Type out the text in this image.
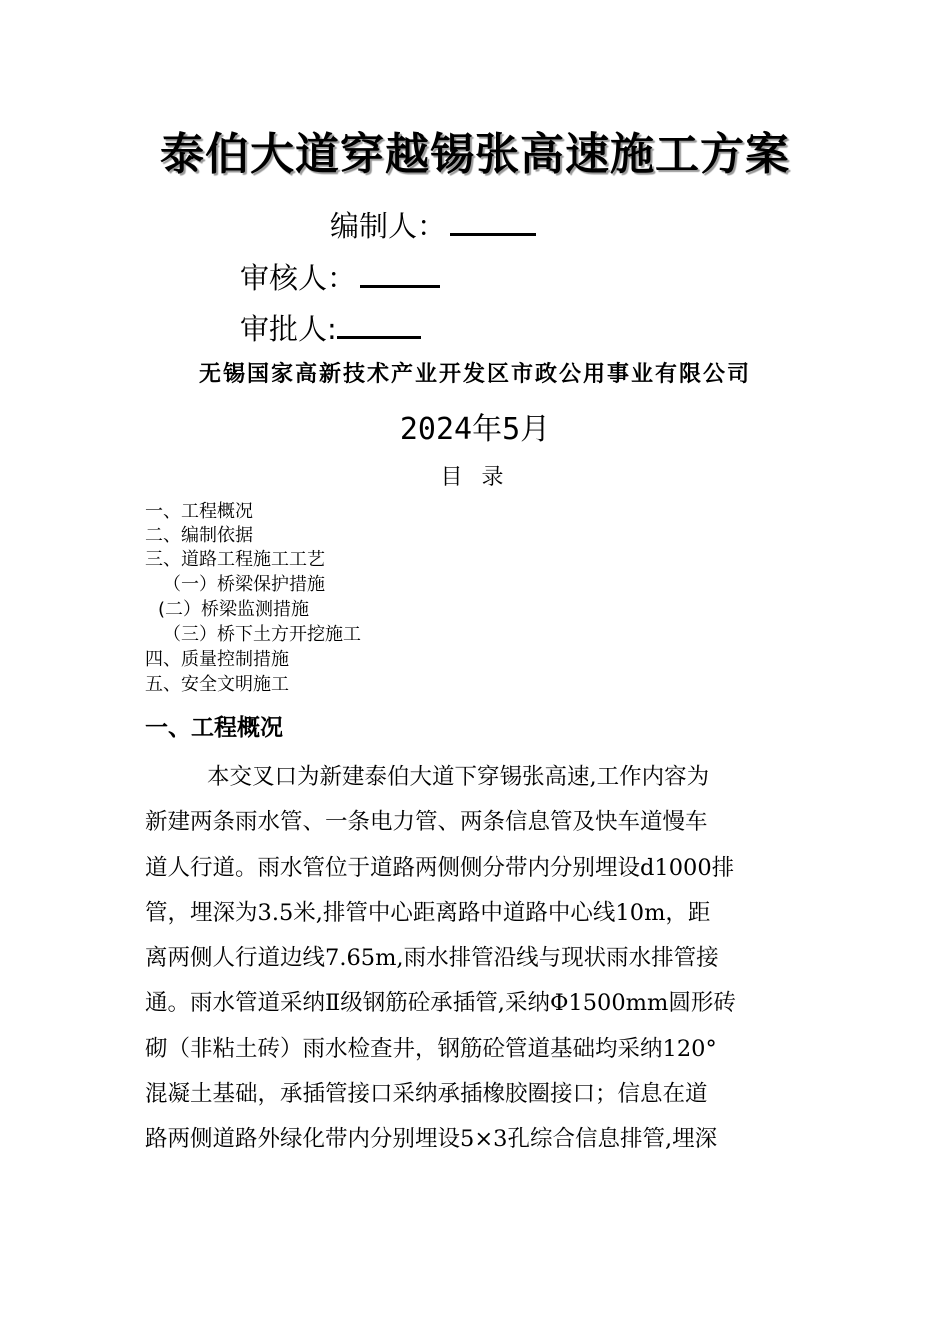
泰伯大道穿越锡张高速施工方案
编制人：
审核人：
审批人:
无锡国家高新技术产业开发区市政公用事业有限公司
2024年5月
目 录
一、工程概况
二、编制依据
三、道路工程施工工艺
（一）桥梁保护措施
(二）桥梁监测措施
（三）桥下土方开挖施工
四、质量控制措施
五、安全文明施工
一、工程概况
本交叉口为新建泰伯大道下穿锡张高速,工作内容为
新建两条雨水管、一条电力管、两条信息管及快车道慢车
道人行道。雨水管位于道路两侧侧分带内分别埋设d1000排
管，埋深为3.5米,排管中心距离路中道路中心线10m，距
离两侧人行道边线7.65m,雨水排管沿线与现状雨水排管接
通。雨水管道采纳Ⅱ级钢筋砼承插管,采纳Φ1500mm圆形砖
砌（非粘土砖）雨水检查井，钢筋砼管道基础均采纳120°
混凝土基础，承插管接口采纳承插橡胶圈接口；信息在道
路两侧道路外绿化带内分别埋设5×3孔综合信息排管,埋深
